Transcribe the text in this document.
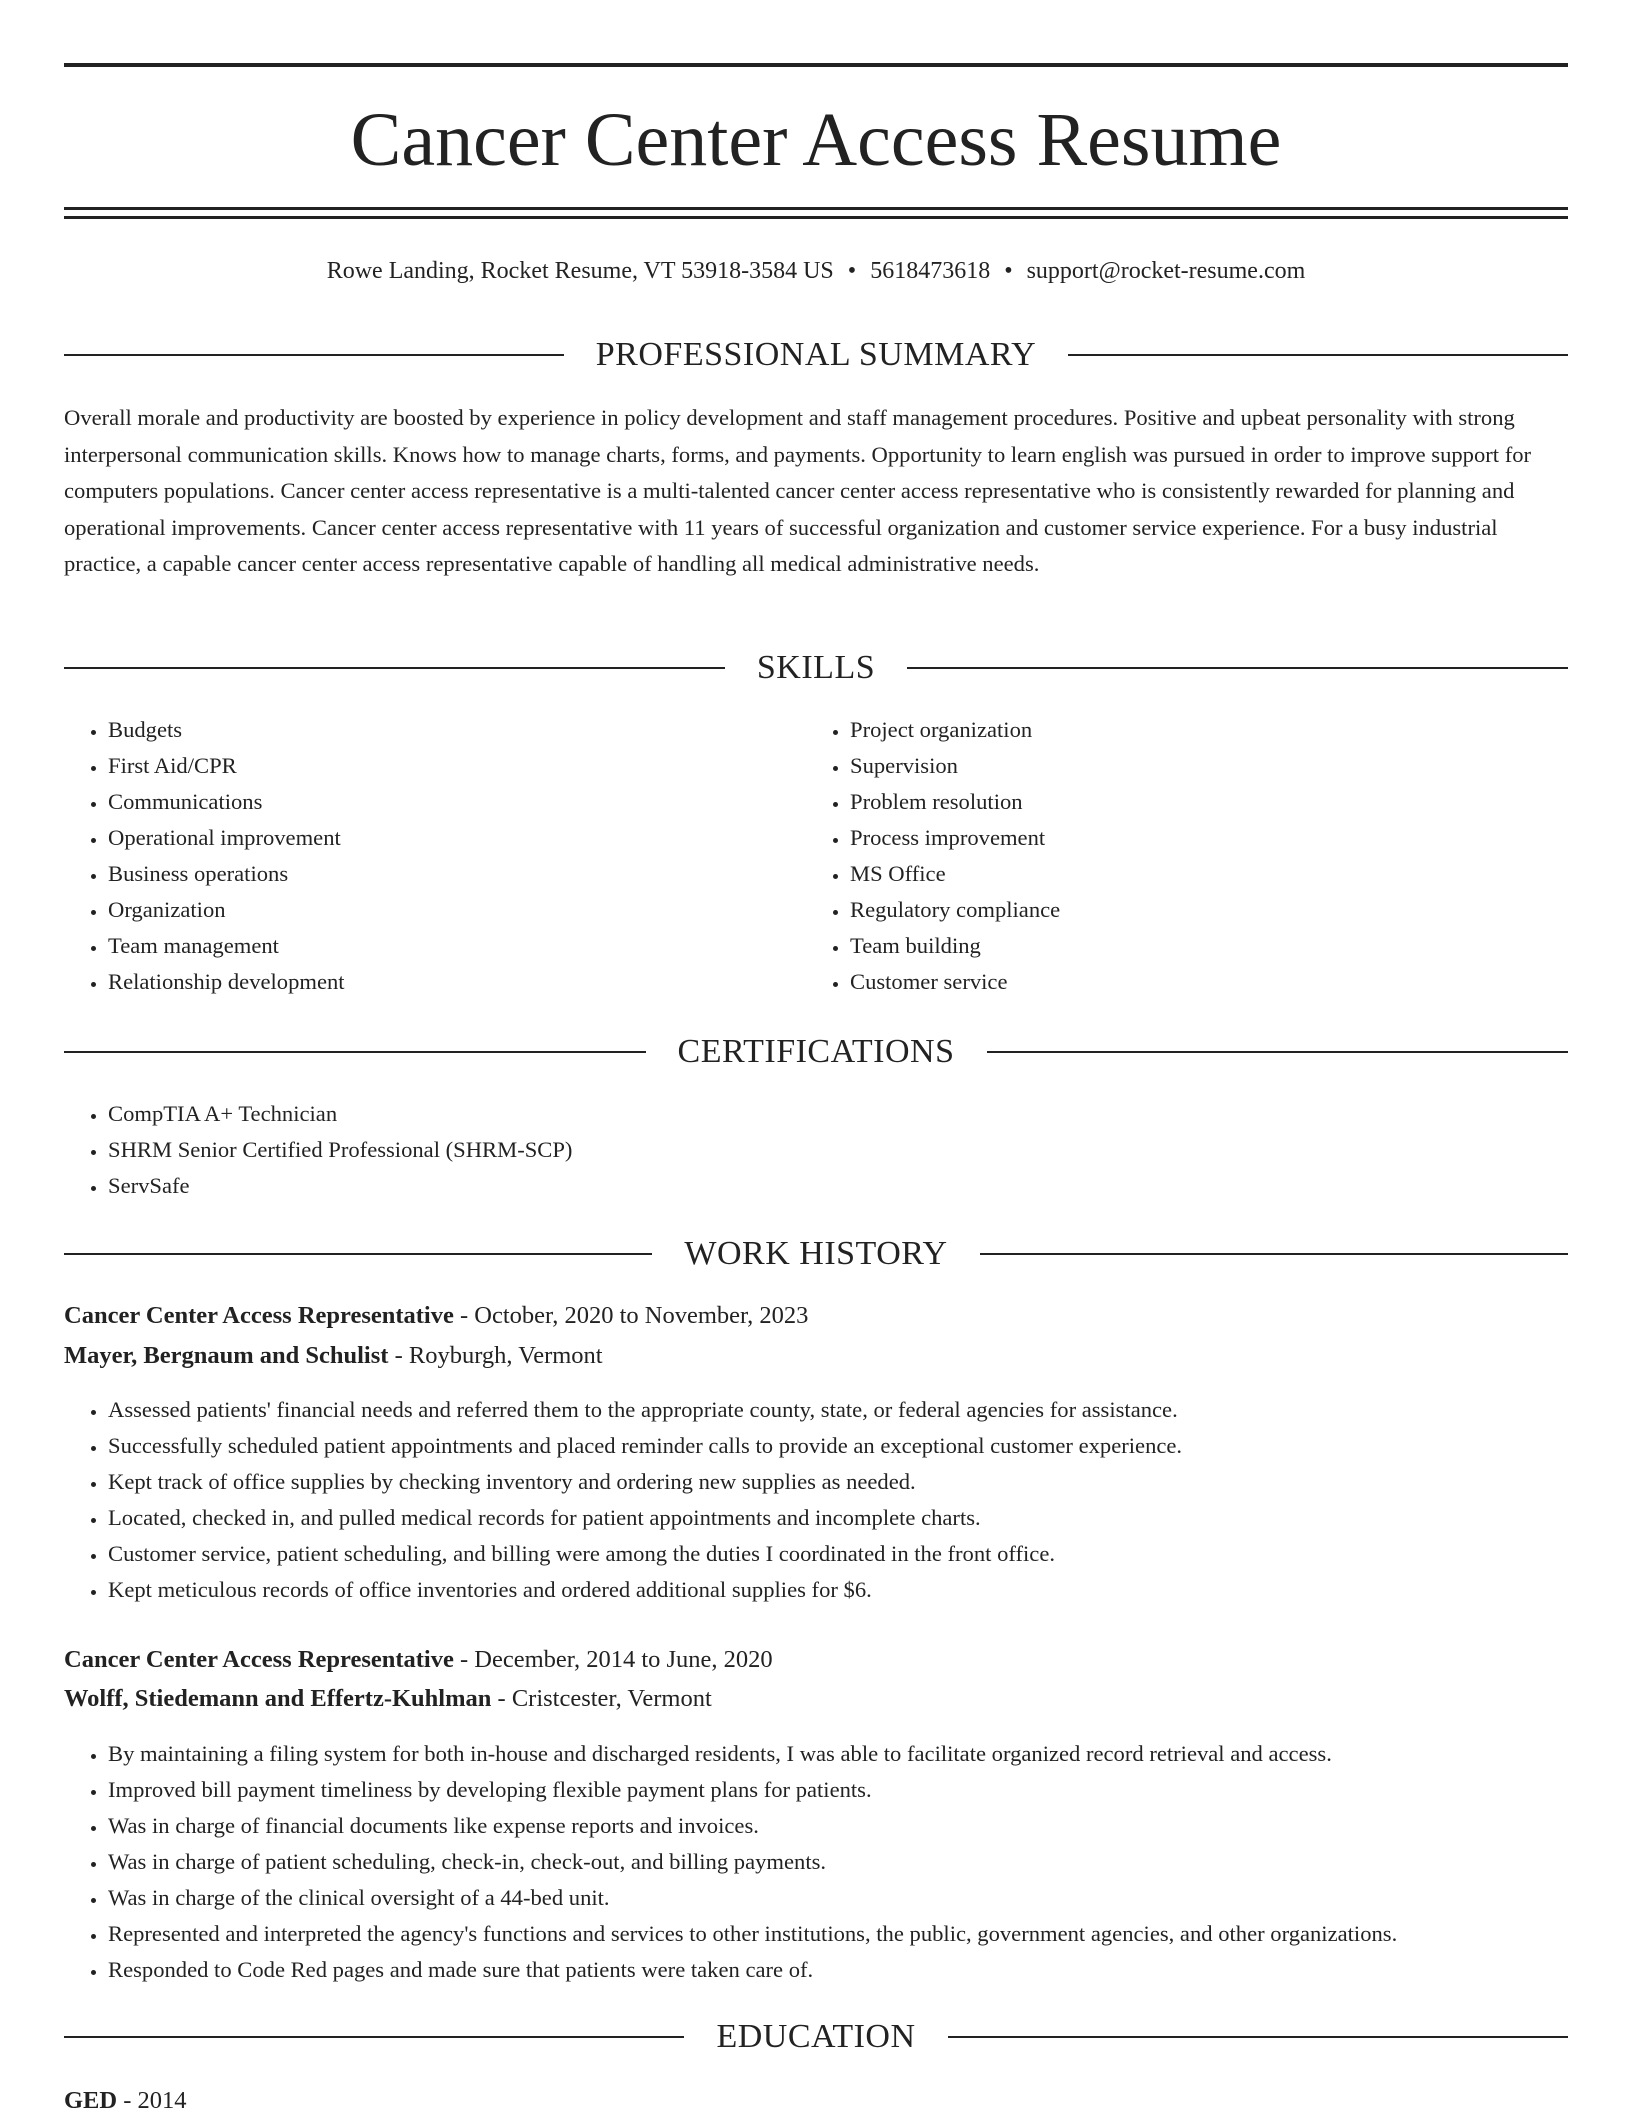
Cancer Center Access Resume
Rowe Landing, Rocket Resume, VT 53918-3584 US • 5618473618 • support@rocket-resume.com
PROFESSIONAL SUMMARY

Overall morale and productivity are boosted by experience in policy development and staff management procedures. Positive and upbeat personality with strong interpersonal communication skills. Knows how to manage charts, forms, and payments. Opportunity to learn english was pursued in order to improve support for computers populations. Cancer center access representative is a multi-talented cancer center access representative who is consistently rewarded for planning and operational improvements. Cancer center access representative with 11 years of successful organization and customer service experience. For a busy industrial practice, a capable cancer center access representative capable of handling all medical administrative needs.

SKILLS
• Budgets
• First Aid/CPR
• Communications
• Operational improvement
• Business operations
• Organization
• Team management
• Relationship development
• Project organization
• Supervision
• Problem resolution
• Process improvement
• MS Office
• Regulatory compliance
• Team building
• Customer service
CERTIFICATIONS
• CompTIA A+ Technician
• SHRM Senior Certified Professional (SHRM-SCP)
• ServSafe
WORK HISTORY
Cancer Center Access Representative - October, 2020 to November, 2023
Mayer, Bergnaum and Schulist - Royburgh, Vermont
• Assessed patients' financial needs and referred them to the appropriate county, state, or federal agencies for assistance.
• Successfully scheduled patient appointments and placed reminder calls to provide an exceptional customer experience.
• Kept track of office supplies by checking inventory and ordering new supplies as needed.
• Located, checked in, and pulled medical records for patient appointments and incomplete charts.
• Customer service, patient scheduling, and billing were among the duties I coordinated in the front office.
• Kept meticulous records of office inventories and ordered additional supplies for $6.
Cancer Center Access Representative - December, 2014 to June, 2020
Wolff, Stiedemann and Effertz-Kuhlman - Cristcester, Vermont
• By maintaining a filing system for both in-house and discharged residents, I was able to facilitate organized record retrieval and access.
• Improved bill payment timeliness by developing flexible payment plans for patients.
• Was in charge of financial documents like expense reports and invoices.
• Was in charge of patient scheduling, check-in, check-out, and billing payments.
• Was in charge of the clinical oversight of a 44-bed unit.
• Represented and interpreted the agency's functions and services to other institutions, the public, government agencies, and other organizations.
• Responded to Code Red pages and made sure that patients were taken care of.
EDUCATION
GED - 2014
